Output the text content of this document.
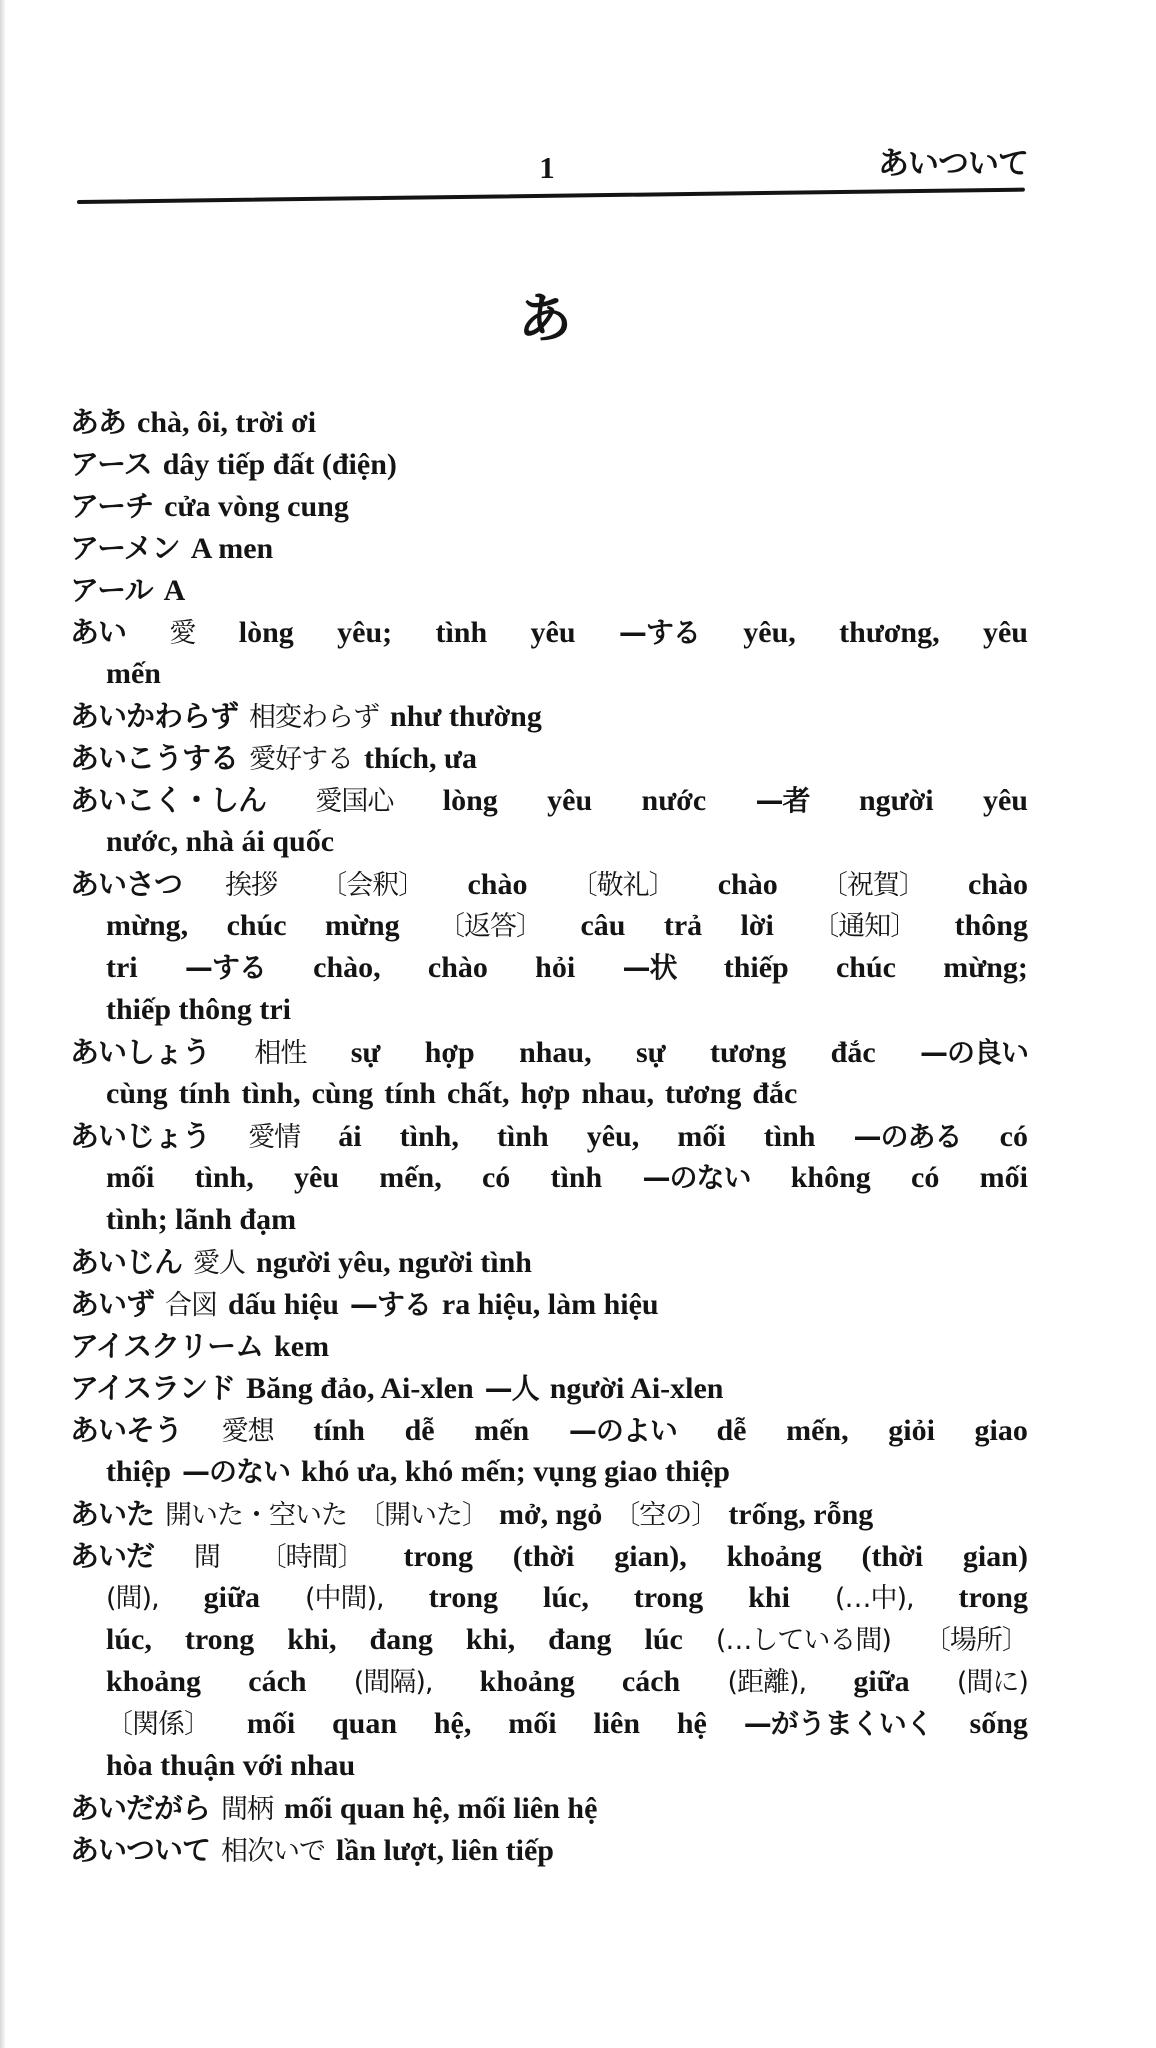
1	あいついて
あ
ああ chà, ôi, trời ơi
アース dây tiếp đất (điện)
アーチ cửa vòng cung
アーメン A men
アール A
あい 愛 lòng yêu; tình yêu —する yêu, thương, yêu
mến
あいかわらず 相変わらず như thường
あいこうする 愛好する thích, ưa
あいこく・しん 愛国心 lòng yêu nước —者 người yêu
nước, nhà ái quốc
あいさつ 挨拶 〔会釈〕 chào 〔敬礼〕 chào 〔祝賀〕 chào
mừng, chúc mừng 〔返答〕 câu trả lời 〔通知〕 thông
tri —する chào, chào hỏi —状 thiếp chúc mừng;
thiếp thông tri
あいしょう 相性 sự hợp nhau, sự tương đắc —の良い
cùng tính tình, cùng tính chất, hợp nhau, tương đắc
あいじょう 愛情 ái tình, tình yêu, mối tình —のある có
mối tình, yêu mến, có tình —のない không có mối
tình; lãnh đạm
あいじん 愛人 người yêu, người tình
あいず 合図 dấu hiệu —する ra hiệu, làm hiệu
アイスクリーム kem
アイスランド Băng đảo, Ai-xlen —人 người Ai-xlen
あいそう 愛想 tính dễ mến —のよい dễ mến, giỏi giao
thiệp —のない khó ưa, khó mến; vụng giao thiệp
あいた 開いた・空いた 〔開いた〕 mở, ngỏ 〔空の〕 trống, rỗng
あいだ 間 〔時間〕 trong (thời gian), khoảng (thời gian)
(間), giữa (中間), trong lúc, trong khi (…中), trong
lúc, trong khi, đang khi, đang lúc (…している間) 〔場所〕
khoảng cách (間隔), khoảng cách (距離), giữa (間に)
〔関係〕 mối quan hệ, mối liên hệ —がうまくいく sống
hòa thuận với nhau
あいだがら 間柄 mối quan hệ, mối liên hệ
あいついて 相次いで lần lượt, liên tiếp
